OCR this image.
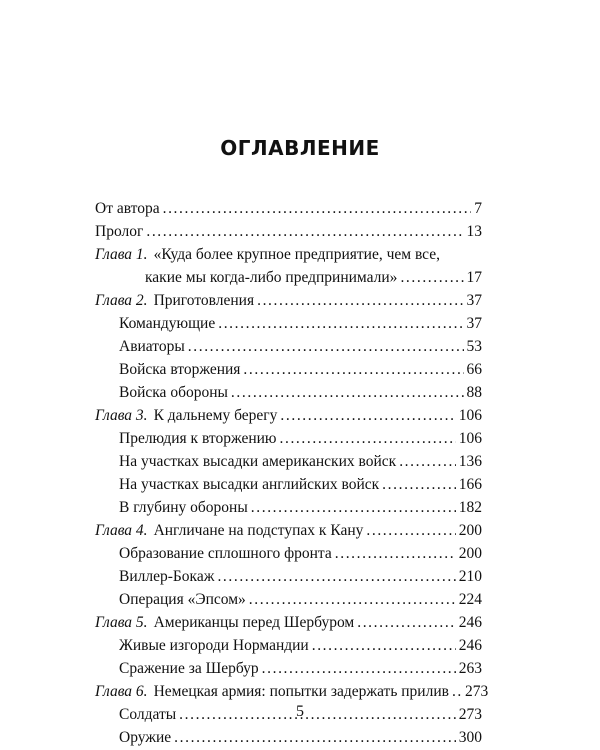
ОГЛАВЛЕНИЕ
От автора .....	7
Пролог .....	13
Глава 1. «Куда более крупное предприятие, чем все,
какие мы когда-либо предпринимали» .....	17
Глава 2. Приготовления .....	37
Командующие .....	37
Авиаторы .....	53
Войска вторжения .....	66
Войска обороны .....	88
Глава 3. К дальнему берегу .....	106
Прелюдия к вторжению .....	106
На участках высадки американских войск .....	136
На участках высадки английских войск .....	166
В глубину обороны .....	182
Глава 4. Англичане на подступах к Кану .....	200
Образование сплошного фронта .....	200
Виллер-Бокаж .....	210
Операция «Эпсом» .....	224
Глава 5. Американцы перед Шербуром .....	246
Живые изгороди Нормандии .....	246
Сражение за Шербур .....	263
Глава 6. Немецкая армия: попытки задержать прилив ..... 273
Солдаты .....	273
Оружие .....	300
5
